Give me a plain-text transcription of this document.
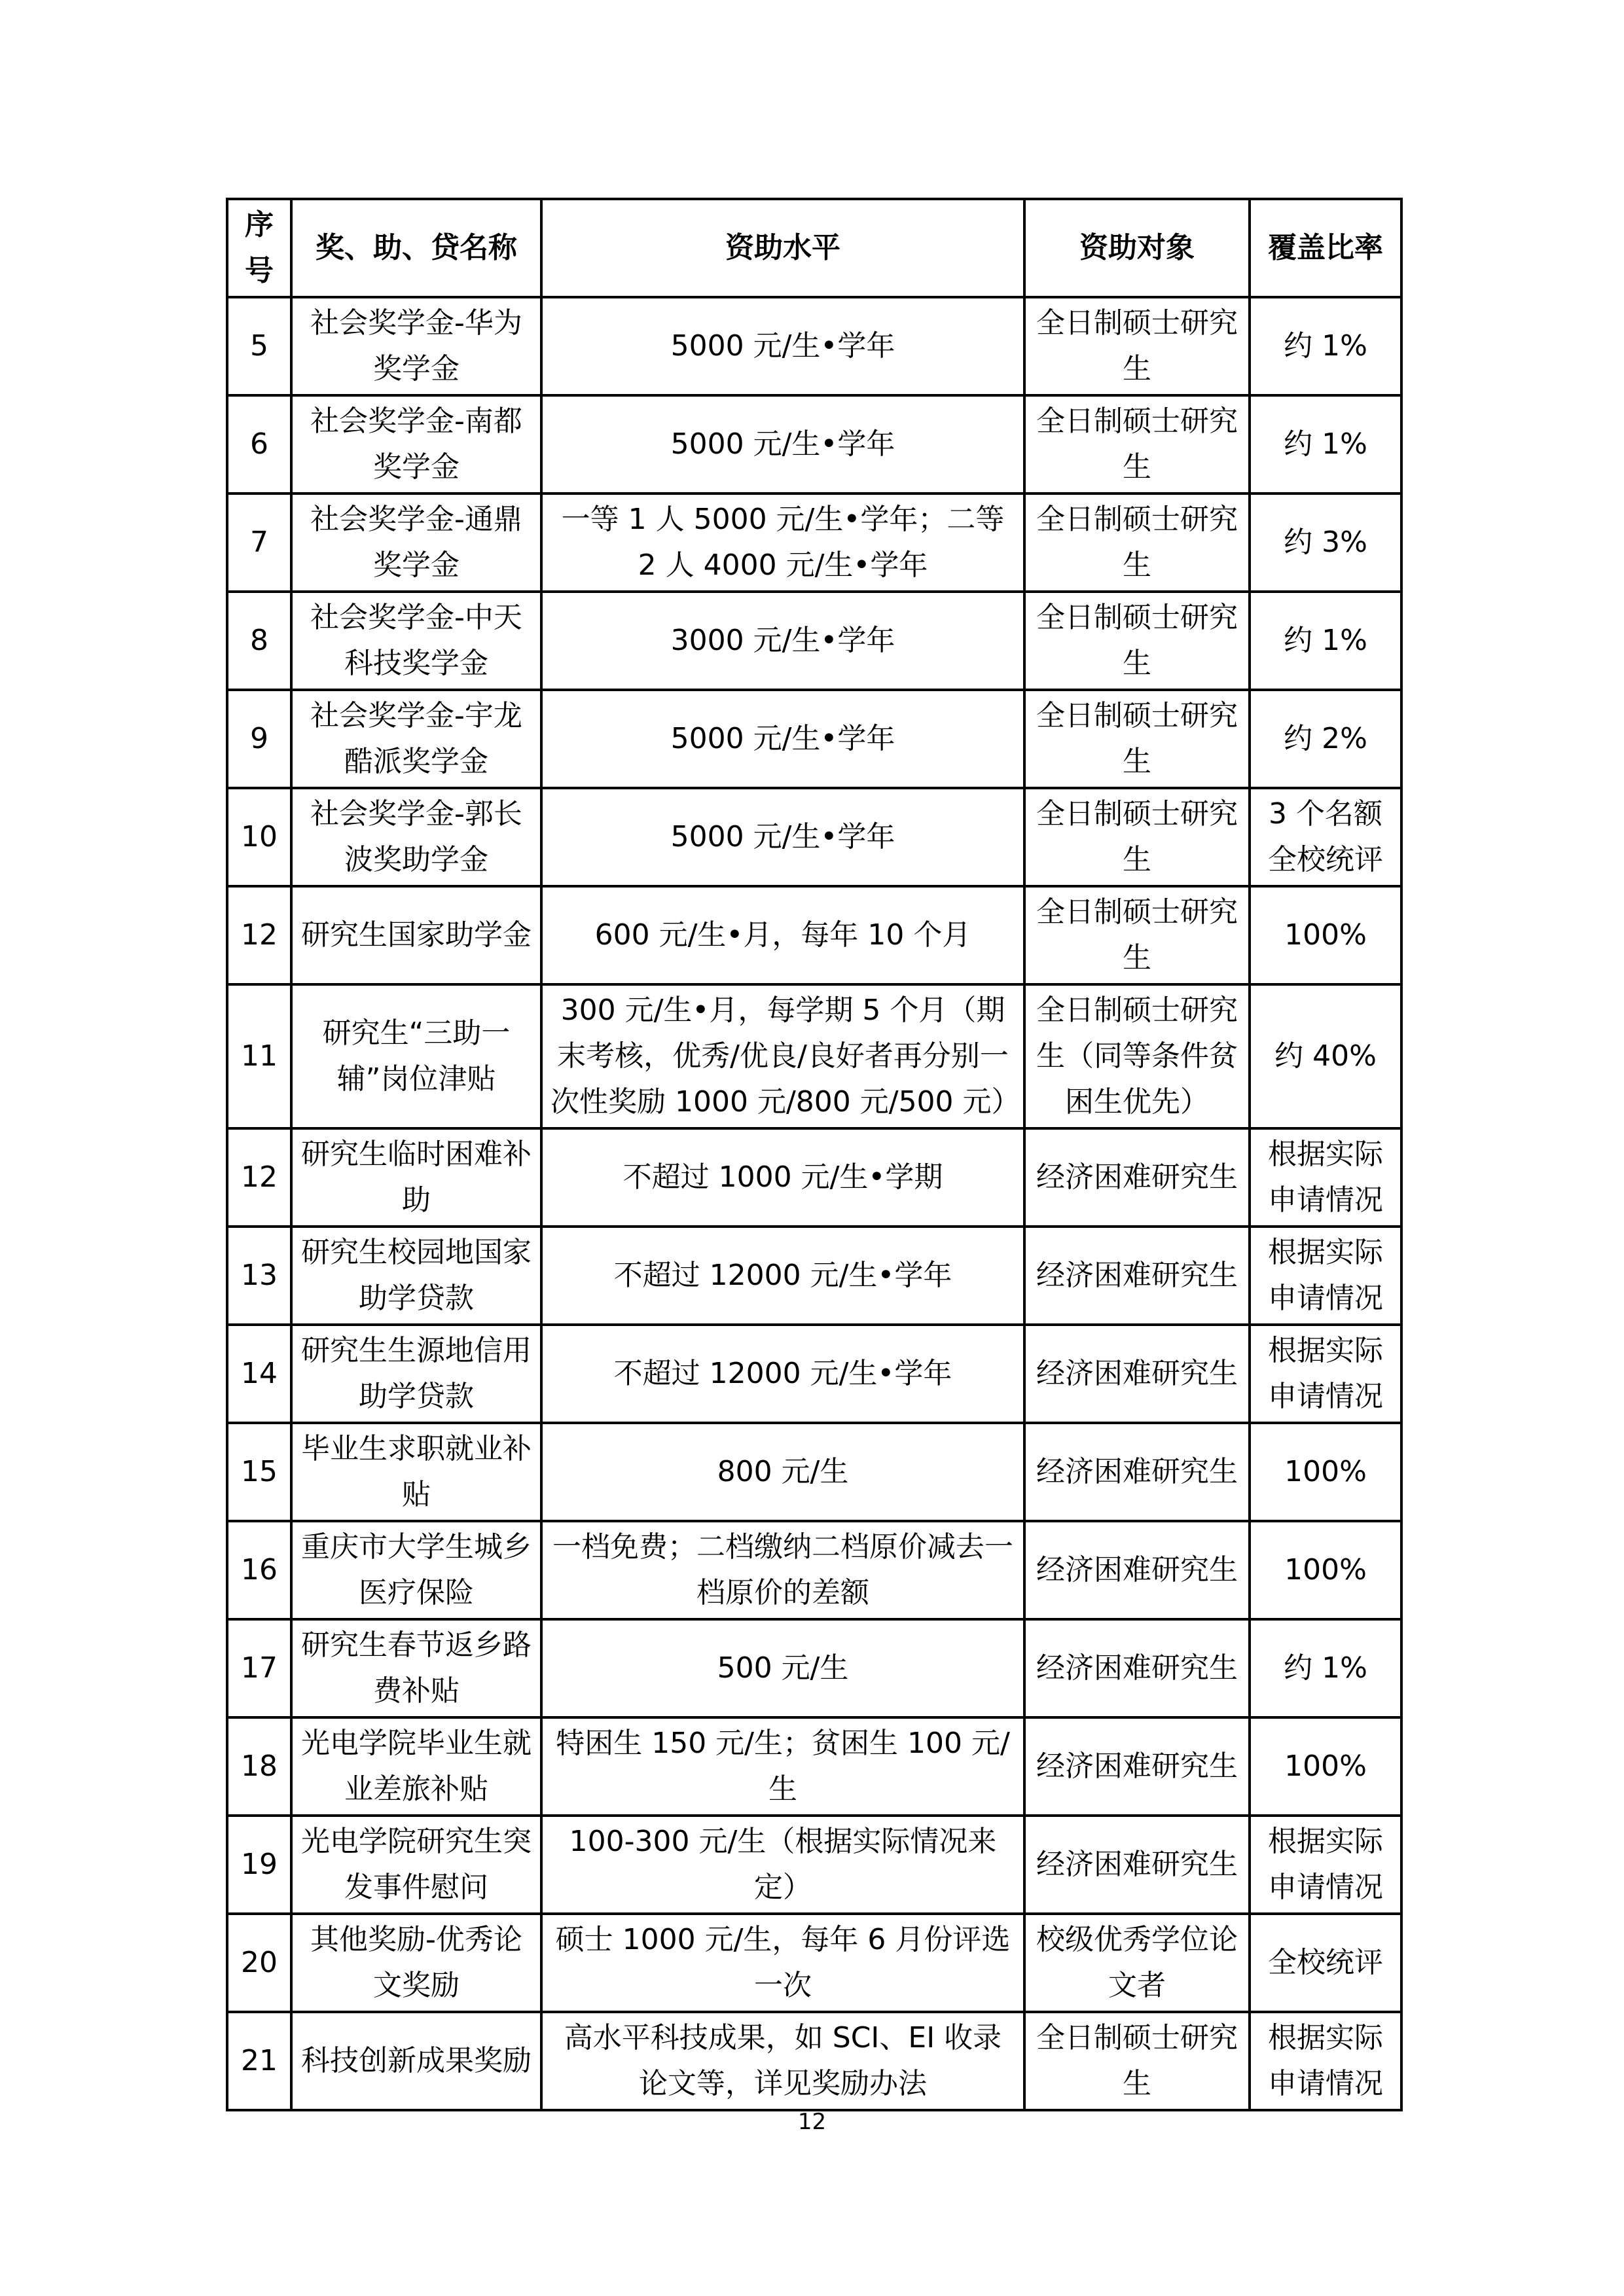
序号	奖、助、贷名称	资助水平	资助对象	覆盖比率
5	社会奖学金-华为奖学金	5000 元/生•学年	全日制硕士研究生	约 1%
6	社会奖学金-南都奖学金	5000 元/生•学年	全日制硕士研究生	约 1%
7	社会奖学金-通鼎奖学金	一等 1 人 5000 元/生•学年；二等 2 人 4000 元/生•学年	全日制硕士研究生	约 3%
8	社会奖学金-中天科技奖学金	3000 元/生•学年	全日制硕士研究生	约 1%
9	社会奖学金-宇龙酷派奖学金	5000 元/生•学年	全日制硕士研究生	约 2%
10	社会奖学金-郭长波奖助学金	5000 元/生•学年	全日制硕士研究生	3 个名额全校统评
12	研究生国家助学金	600 元/生•月，每年 10 个月	全日制硕士研究生	100%
11	研究生“三助一辅”岗位津贴	300 元/生•月，每学期 5 个月（期末考核，优秀/优良/良好者再分别一次性奖励 1000 元/800 元/500 元）	全日制硕士研究生（同等条件贫困生优先）	约 40%
12	研究生临时困难补助	不超过 1000 元/生•学期	经济困难研究生	根据实际申请情况
13	研究生校园地国家助学贷款	不超过 12000 元/生•学年	经济困难研究生	根据实际申请情况
14	研究生生源地信用助学贷款	不超过 12000 元/生•学年	经济困难研究生	根据实际申请情况
15	毕业生求职就业补贴	800 元/生	经济困难研究生	100%
16	重庆市大学生城乡医疗保险	一档免费；二档缴纳二档原价减去一档原价的差额	经济困难研究生	100%
17	研究生春节返乡路费补贴	500 元/生	经济困难研究生	约 1%
18	光电学院毕业生就业差旅补贴	特困生 150 元/生；贫困生 100 元/生	经济困难研究生	100%
19	光电学院研究生突发事件慰问	100-300 元/生（根据实际情况来定）	经济困难研究生	根据实际申请情况
20	其他奖励-优秀论文奖励	硕士 1000 元/生，每年 6 月份评选一次	校级优秀学位论文者	全校统评
21	科技创新成果奖励	高水平科技成果，如 SCI、EI 收录论文等，详见奖励办法	全日制硕士研究生	根据实际申请情况
12
